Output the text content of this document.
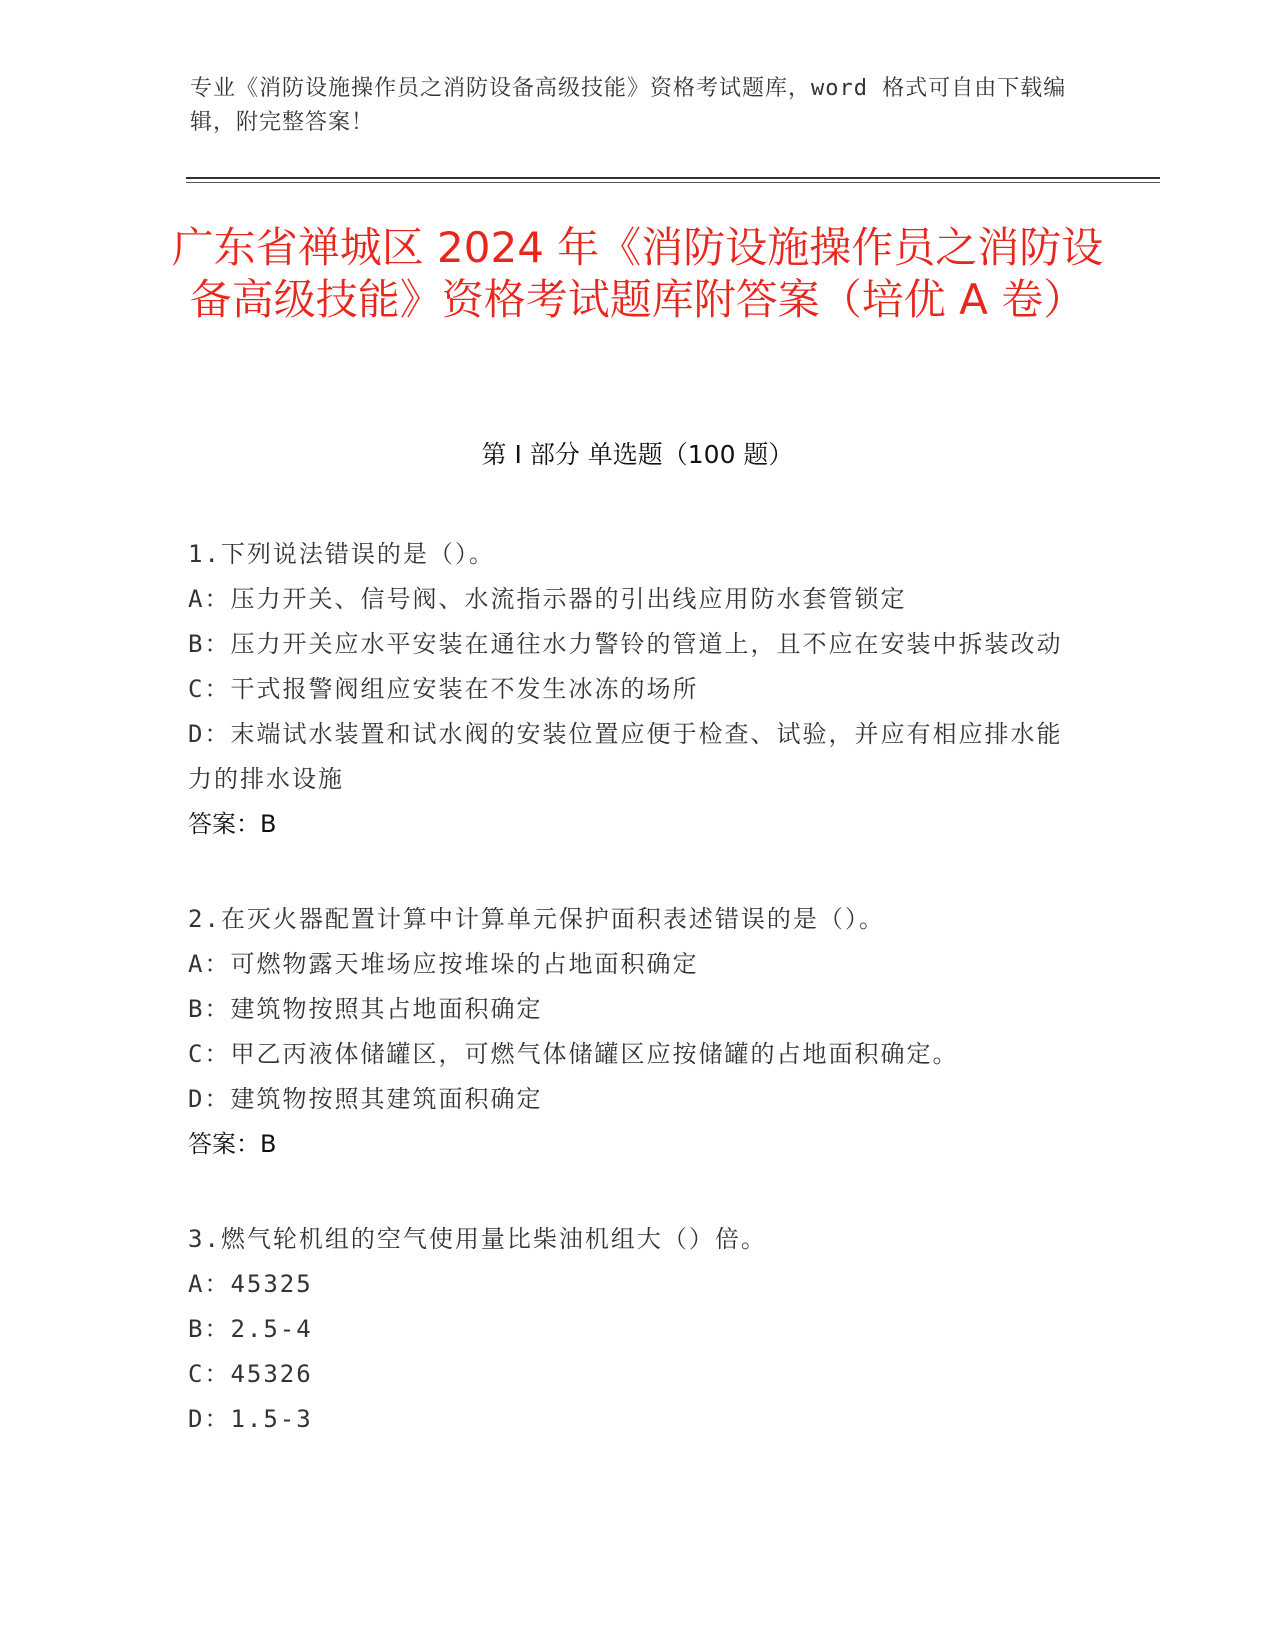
专业《消防设施操作员之消防设备高级技能》资格考试题库，word 格式可自由下载编辑，附完整答案！
广东省禅城区 2024 年《消防设施操作员之消防设备高级技能》资格考试题库附答案（培优 A 卷）
第 I 部分 单选题（100 题）
1.下列说法错误的是（）。
A：压力开关、信号阀、水流指示器的引出线应用防水套管锁定
B：压力开关应水平安装在通往水力警铃的管道上，且不应在安装中拆装改动
C：干式报警阀组应安装在不发生冰冻的场所
D：末端试水装置和试水阀的安装位置应便于检查、试验，并应有相应排水能力的排水设施
答案：B
2.在灭火器配置计算中计算单元保护面积表述错误的是（）。
A：可燃物露天堆场应按堆垛的占地面积确定
B：建筑物按照其占地面积确定
C：甲乙丙液体储罐区，可燃气体储罐区应按储罐的占地面积确定。
D：建筑物按照其建筑面积确定
答案：B
3.燃气轮机组的空气使用量比柴油机组大（）倍。
A：45325
B：2.5-4
C：45326
D：1.5-3
